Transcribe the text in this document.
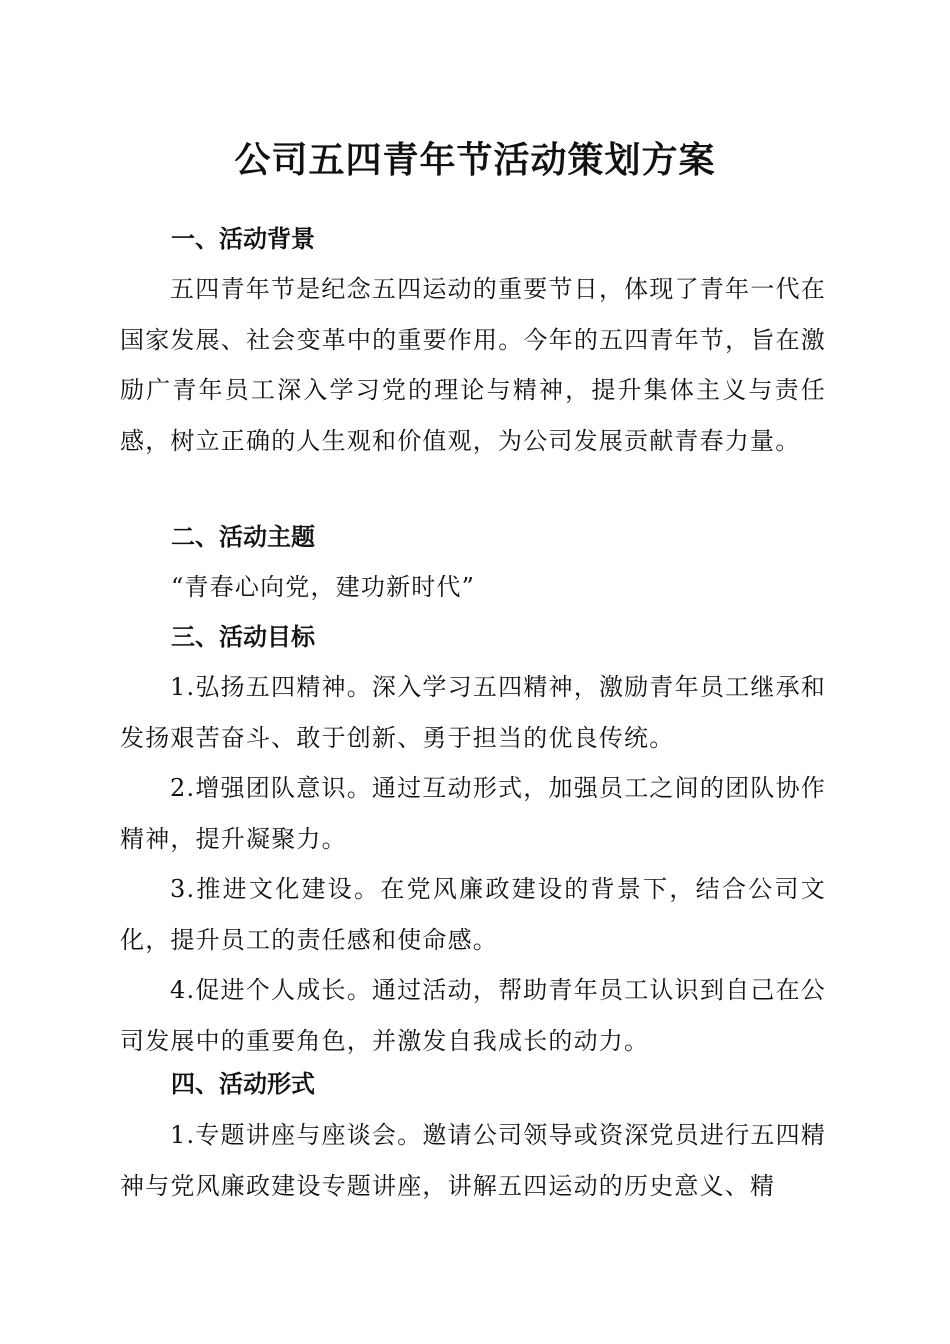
公司五四青年节活动策划方案
一、活动背景

五四青年节是纪念五四运动的重要节日，体现了青年一代在国家发展、社会变革中的重要作用。今年的五四青年节，旨在激励广青年员工深入学习党的理论与精神，提升集体主义与责任感，树立正确的人生观和价值观，为公司发展贡献青春力量。

二、活动主题
“青春心向党，建功新时代”
三、活动目标

1.弘扬五四精神。深入学习五四精神，激励青年员工继承和发扬艰苦奋斗、敢于创新、勇于担当的优良传统。

2.增强团队意识。通过互动形式，加强员工之间的团队协作精神，提升凝聚力。

3.推进文化建设。在党风廉政建设的背景下，结合公司文化，提升员工的责任感和使命感。

4.促进个人成长。通过活动，帮助青年员工认识到自己在公司发展中的重要角色，并激发自我成长的动力。

四、活动形式

1.专题讲座与座谈会。邀请公司领导或资深党员进行五四精神与党风廉政建设专题讲座，讲解五四运动的历史意义、精
